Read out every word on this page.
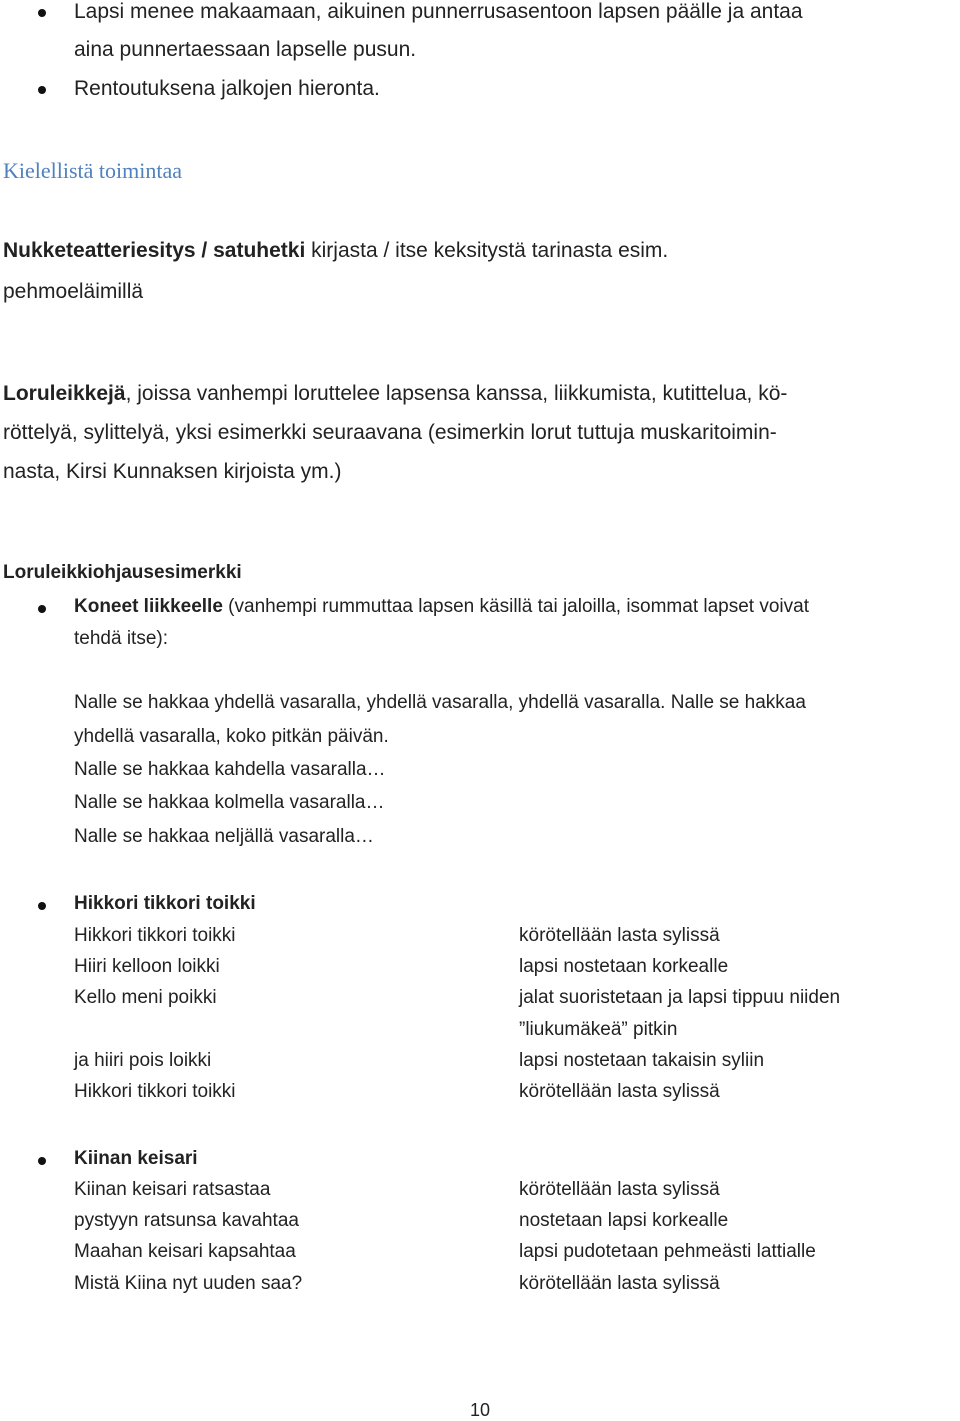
Lapsi menee makaamaan, aikuinen punnerrusasentoon lapsen päälle ja antaa
aina punnertaessaan lapselle pusun.
Rentoutuksena jalkojen hieronta.
Kielellistä toimintaa
Nukketeatteriesitys / satuhetki kirjasta / itse keksitystä tarinasta esim.
pehmoeläimillä
Loruleikkejä, joissa vanhempi loruttelee lapsensa kanssa, liikkumista, kutittelua, kö-
röttelyä, sylittelyä, yksi esimerkki seuraavana (esimerkin lorut tuttuja muskaritoimin-
nasta, Kirsi Kunnaksen kirjoista ym.)
Loruleikkiohjausesimerkki
Koneet liikkeelle (vanhempi rummuttaa lapsen käsillä tai jaloilla, isommat lapset voivat
tehdä itse):
Nalle se hakkaa yhdellä vasaralla, yhdellä vasaralla, yhdellä vasaralla. Nalle se hakkaa
yhdellä vasaralla, koko pitkän päivän.
Nalle se hakkaa kahdella vasaralla…
Nalle se hakkaa kolmella vasaralla…
Nalle se hakkaa neljällä vasaralla…
Hikkori tikkori toikki
Hikkori tikkori toikki	körötellään lasta sylissä
Hiiri kelloon loikki	lapsi nostetaan korkealle
Kello meni poikki	jalat suoristetaan ja lapsi tippuu niiden
”liukumäkeä” pitkin
ja hiiri pois loikki	lapsi nostetaan takaisin syliin
Hikkori tikkori toikki	körötellään lasta sylissä
Kiinan keisari
Kiinan keisari ratsastaa	körötellään lasta sylissä
pystyyn ratsunsa kavahtaa	nostetaan lapsi korkealle
Maahan keisari kapsahtaa	lapsi pudotetaan pehmeästi lattialle
Mistä Kiina nyt uuden saa?	körötellään lasta sylissä
10
